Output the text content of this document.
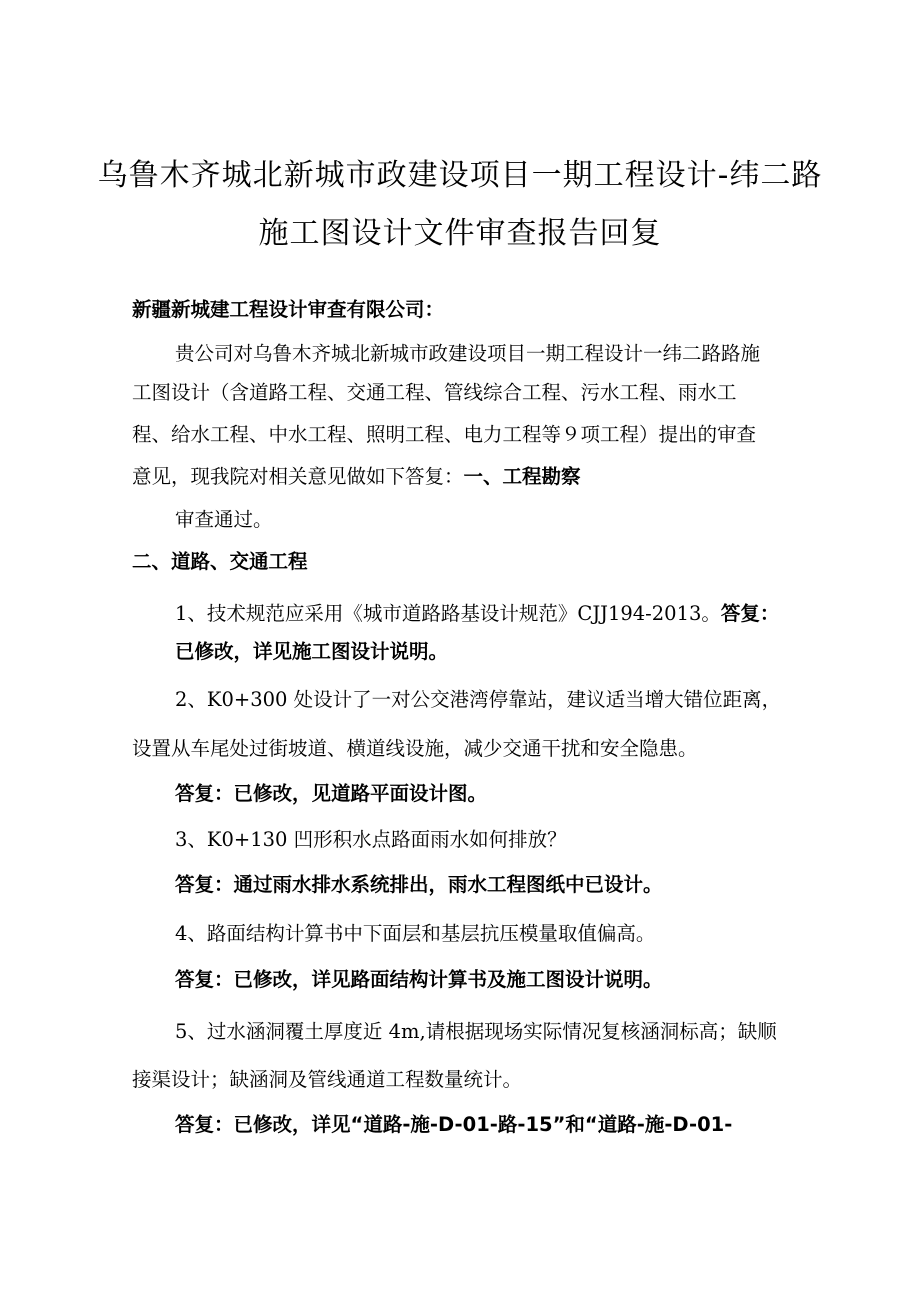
乌鲁木齐城北新城市政建设项目一期工程设计-纬二路
施工图设计文件审查报告回复
新疆新城建工程设计审查有限公司：
贵公司对乌鲁木齐城北新城市政建设项目一期工程设计一纬二路路施
工图设计（含道路工程、交通工程、管线综合工程、污水工程、雨水工
程、给水工程、中水工程、照明工程、电力工程等９项工程）提出的审查
意见，现我院对相关意见做如下答复：一、工程勘察
审查通过。
二、道路、交通工程
1、技术规范应采用《城市道路路基设计规范》CJJ194-2013。答复：
已修改，详见施工图设计说明。
2、K0+300 处设计了一对公交港湾停靠站，建议适当增大错位距离，
设置从车尾处过街坡道、横道线设施，减少交通干扰和安全隐患。
答复：已修改，见道路平面设计图。
3、K0+130 凹形积水点路面雨水如何排放？
答复：通过雨水排水系统排出，雨水工程图纸中已设计。
4、路面结构计算书中下面层和基层抗压模量取值偏高。
答复：已修改，详见路面结构计算书及施工图设计说明。
5、过水涵洞覆土厚度近 4m,请根据现场实际情况复核涵洞标高；缺顺
接渠设计；缺涵洞及管线通道工程数量统计。
答复：已修改，详见“道路-施-D-01-路-15”和“道路-施-D-01-
